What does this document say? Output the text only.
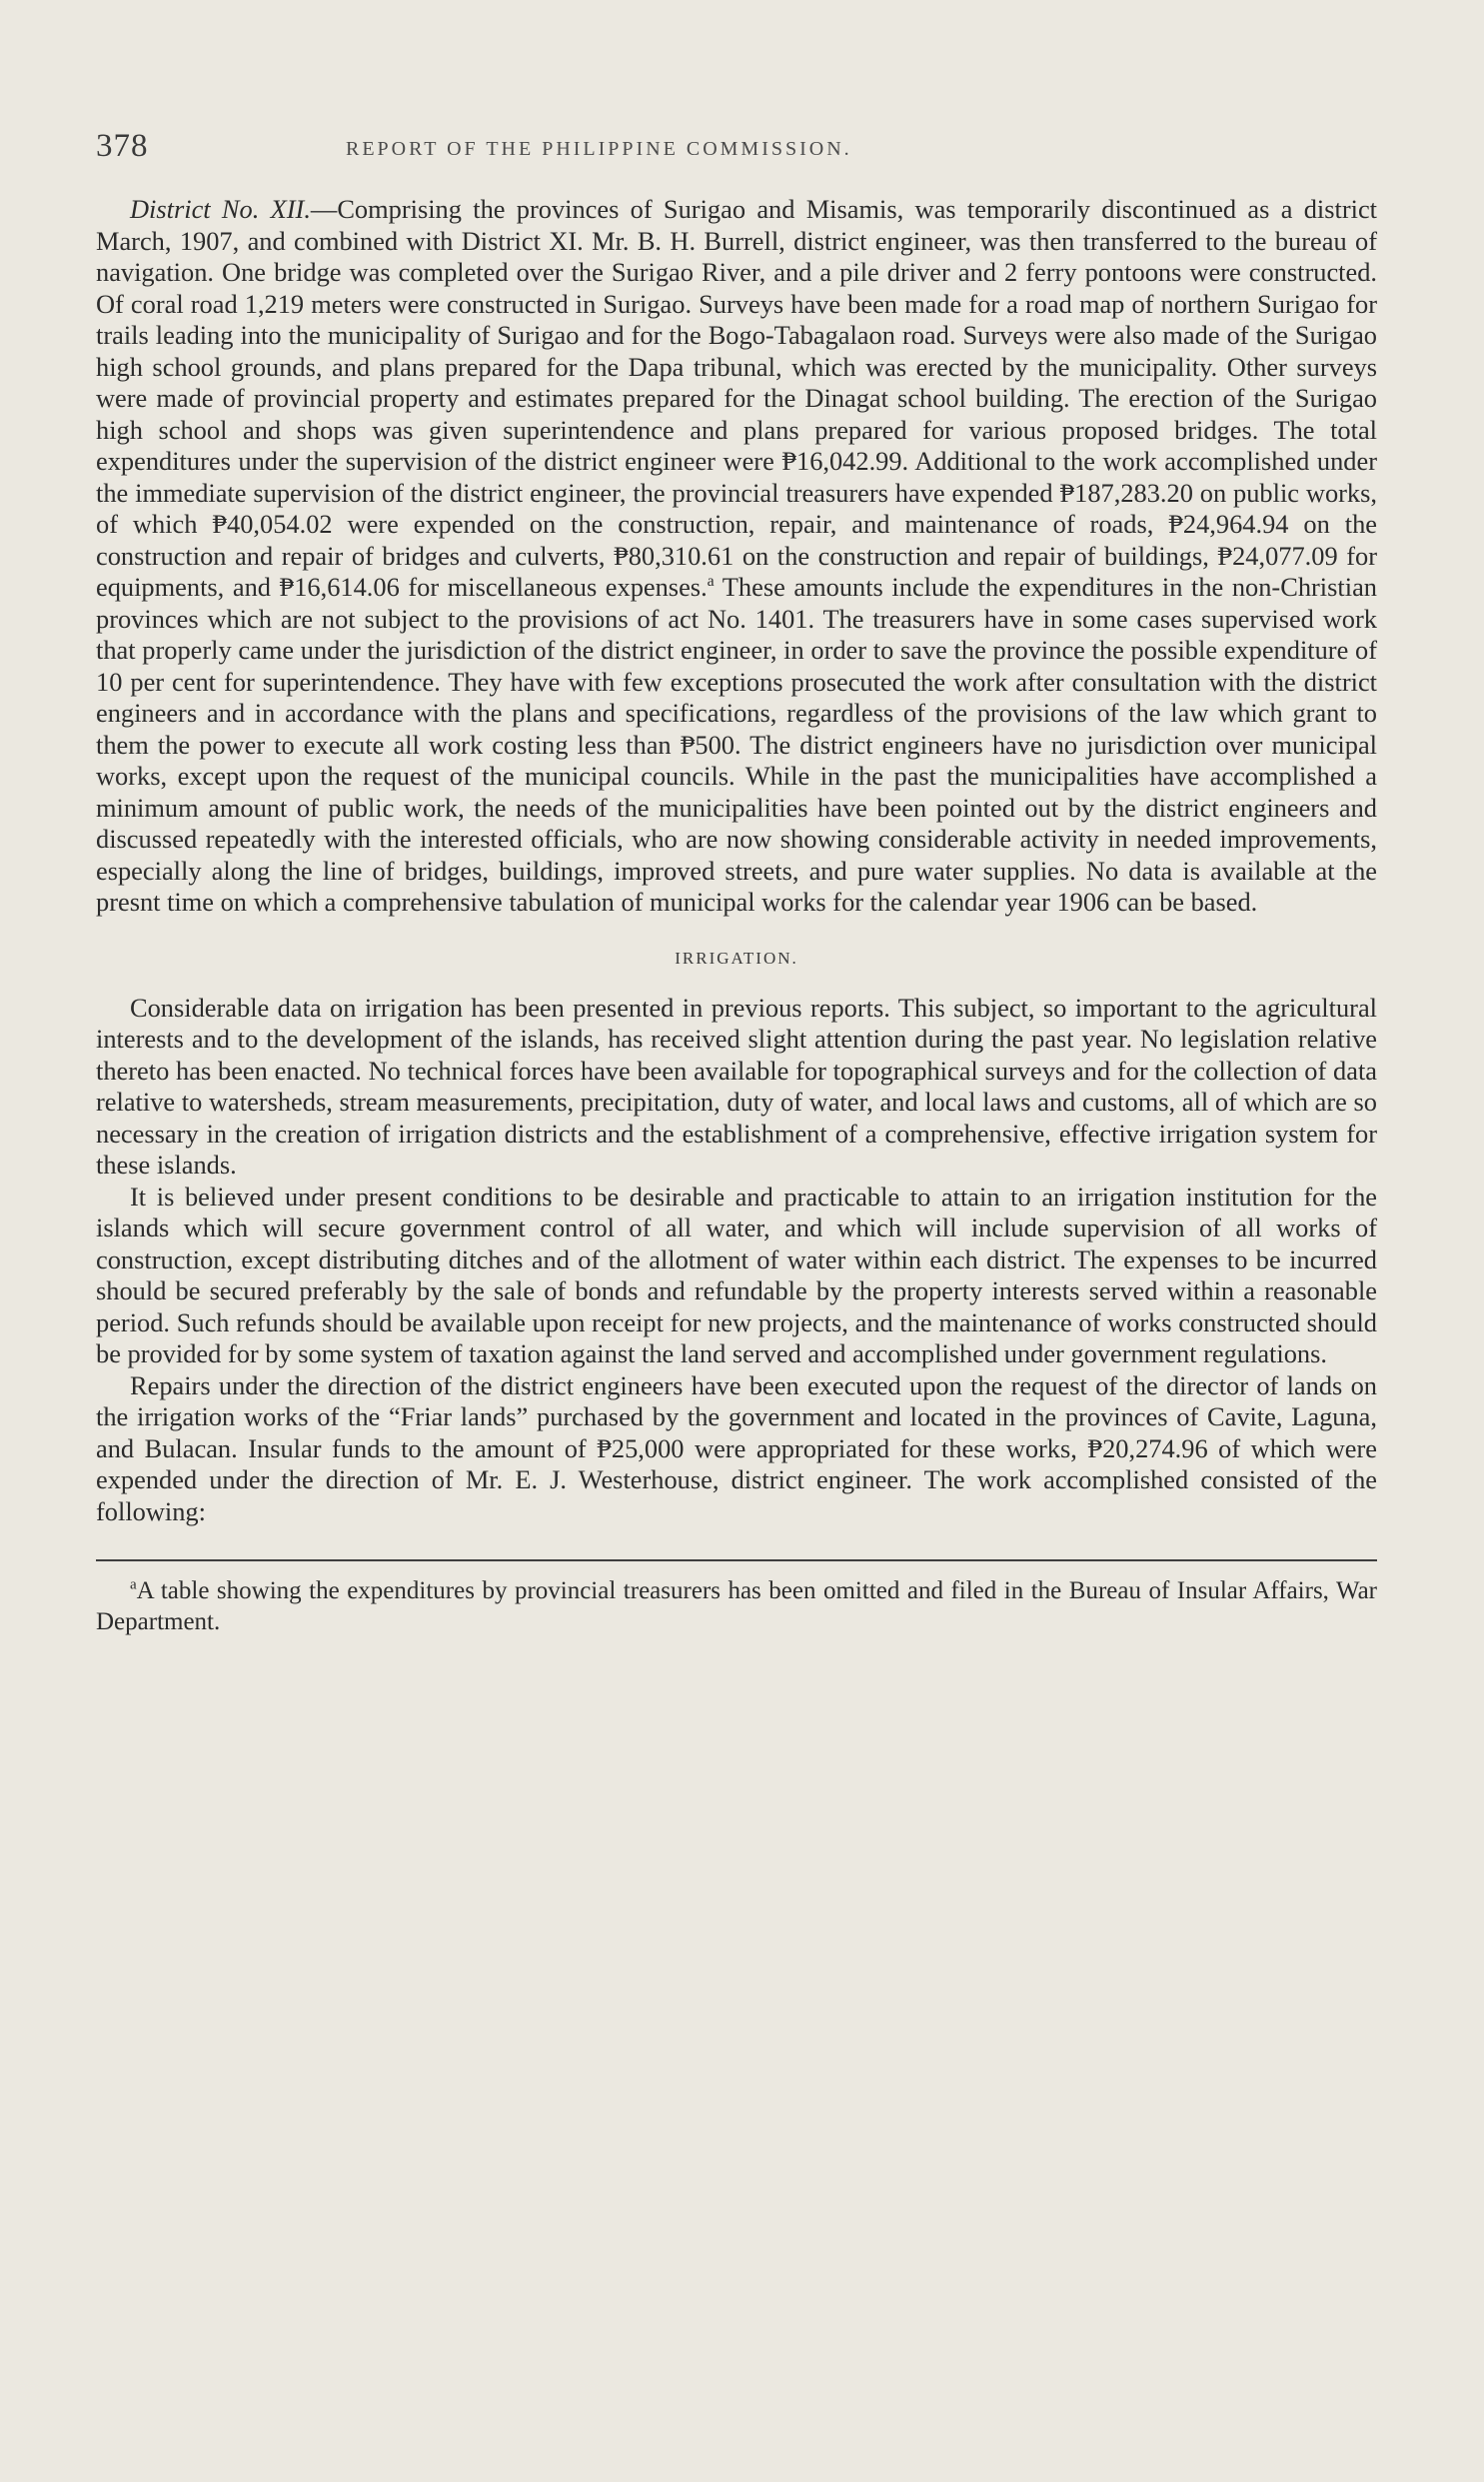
378	REPORT OF THE PHILIPPINE COMMISSION.

District No. XII.—Comprising the provinces of Surigao and Misamis, was temporarily discontinued as a district March, 1907, and combined with District XI. Mr. B. H. Burrell, district engineer, was then transferred to the bureau of navigation. One bridge was completed over the Surigao River, and a pile driver and 2 ferry pontoons were constructed. Of coral road 1,219 meters were constructed in Surigao. Surveys have been made for a road map of northern Surigao for trails leading into the municipality of Surigao and for the Bogo-Tabagalaon road. Surveys were also made of the Surigao high school grounds, and plans prepared for the Dapa tribunal, which was erected by the municipality. Other surveys were made of provincial property and estimates prepared for the Dinagat school building. The erection of the Surigao high school and shops was given superintendence and plans prepared for various proposed bridges. The total expenditures under the supervision of the district engineer were ₱16,042.99. Additional to the work accomplished under the immediate supervision of the district engineer, the provincial treasurers have expended ₱187,283.20 on public works, of which ₱40,054.02 were expended on the construction, repair, and maintenance of roads, ₱24,964.94 on the construction and repair of bridges and culverts, ₱80,310.61 on the construction and repair of buildings, ₱24,077.09 for equipments, and ₱16,614.06 for miscellaneous expenses.$^a$ These amounts include the expenditures in the non-Christian provinces which are not subject to the provisions of act No. 1401. The treasurers have in some cases supervised work that properly came under the jurisdiction of the district engineer, in order to save the province the possible expenditure of 10 per cent for superintendence. They have with few exceptions prosecuted the work after consultation with the district engineers and in accordance with the plans and specifications, regardless of the provisions of the law which grant to them the power to execute all work costing less than ₱500. The district engineers have no jurisdiction over municipal works, except upon the request of the municipal councils. While in the past the municipalities have accomplished a minimum amount of public work, the needs of the municipalities have been pointed out by the district engineers and discussed repeatedly with the interested officials, who are now showing considerable activity in needed improvements, especially along the line of bridges, buildings, improved streets, and pure water supplies. No data is available at the presnt time on which a comprehensive tabulation of municipal works for the calendar year 1906 can be based.

IRRIGATION.

Considerable data on irrigation has been presented in previous reports. This subject, so important to the agricultural interests and to the development of the islands, has received slight attention during the past year. No legislation relative thereto has been enacted. No technical forces have been available for topographical surveys and for the collection of data relative to watersheds, stream measurements, precipitation, duty of water, and local laws and customs, all of which are so necessary in the creation of irrigation districts and the establishment of a comprehensive, effective irrigation system for these islands.

It is believed under present conditions to be desirable and practicable to attain to an irrigation institution for the islands which will secure government control of all water, and which will include supervision of all works of construction, except distributing ditches and of the allotment of water within each district. The expenses to be incurred should be secured preferably by the sale of bonds and refundable by the property interests served within a reasonable period. Such refunds should be available upon receipt for new projects, and the maintenance of works constructed should be provided for by some system of taxation against the land served and accomplished under government regulations.

Repairs under the direction of the district engineers have been executed upon the request of the director of lands on the irrigation works of the “Friar lands” purchased by the government and located in the provinces of Cavite, Laguna, and Bulacan. Insular funds to the amount of ₱25,000 were appropriated for these works, ₱20,274.96 of which were expended under the direction of Mr. E. J. Westerhouse, district engineer. The work accomplished consisted of the following:

$^a$A table showing the expenditures by provincial treasurers has been omitted and filed in the Bureau of Insular Affairs, War Department.
